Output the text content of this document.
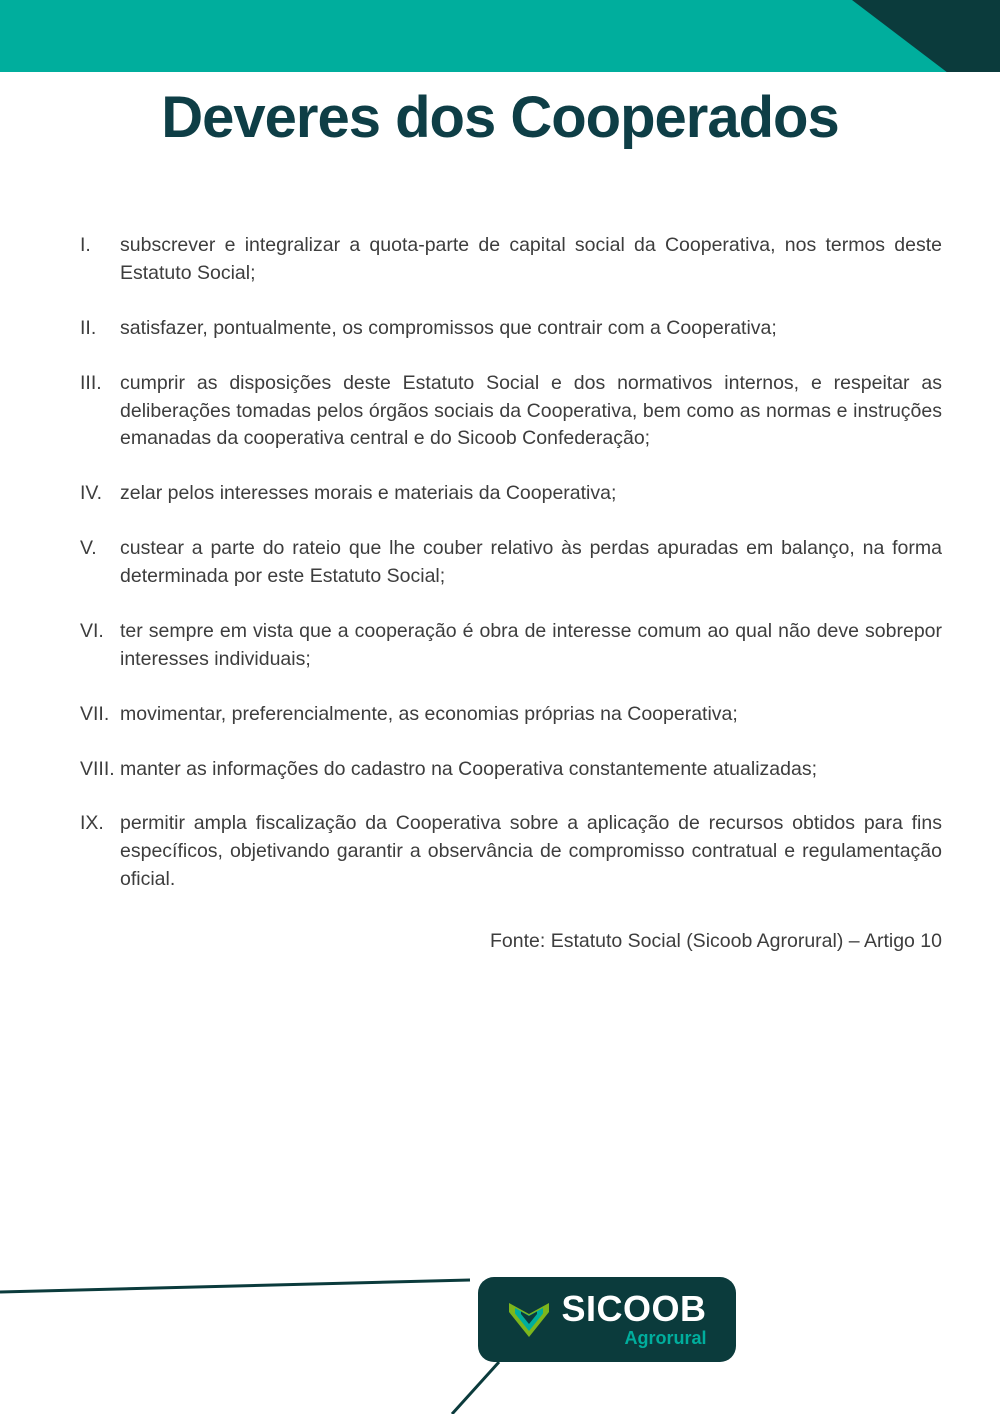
Deveres dos Cooperados
I.	subscrever e integralizar a quota-parte de capital social da Cooperativa, nos termos deste Estatuto Social;
II.	satisfazer, pontualmente, os compromissos que contrair com a Cooperativa;
III. cumprir as disposições deste Estatuto Social e dos normativos internos, e respeitar as deliberações tomadas pelos órgãos sociais da Cooperativa, bem como as normas e instruções emanadas da cooperativa central e do Sicoob Confederação;
IV. zelar pelos interesses morais e materiais da Cooperativa;
V.	custear a parte do rateio que lhe couber relativo às perdas apuradas em balanço, na forma determinada por este Estatuto Social;
VI. ter sempre em vista que a cooperação é obra de interesse comum ao qual não deve sobrepor interesses individuais;
VII. movimentar, preferencialmente, as economias próprias na Cooperativa;
VIII. manter as informações do cadastro na Cooperativa constantemente atualizadas;
IX. permitir ampla fiscalização da Cooperativa sobre a aplicação de recursos obtidos para fins específicos, objetivando garantir a observância de compromisso contratual e regulamentação oficial.
Fonte: Estatuto Social (Sicoob Agrorural) – Artigo 10
SICOOB
Agrorural
